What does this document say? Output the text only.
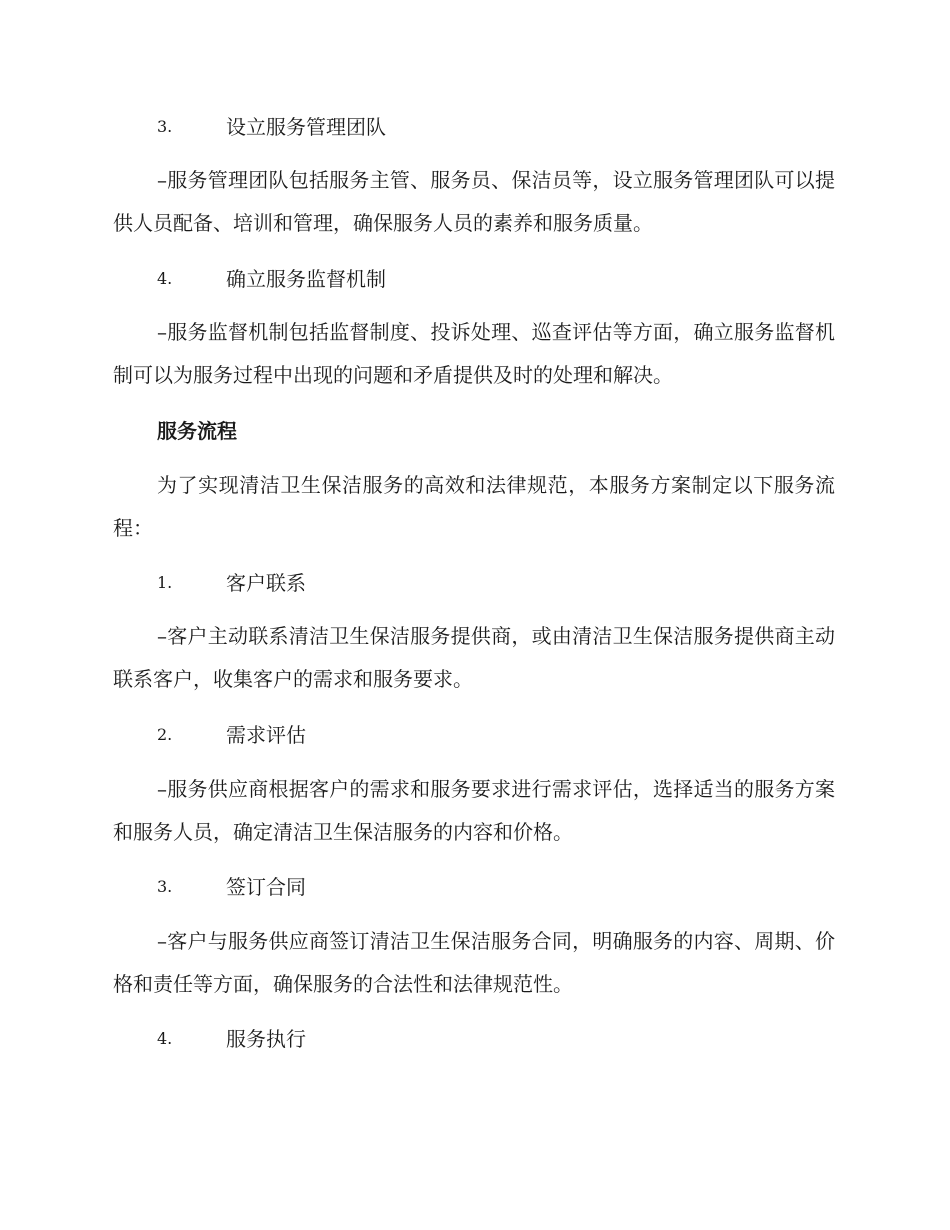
3.	设立服务管理团队
–服务管理团队包括服务主管、服务员、保洁员等，设立服务管理团队可以提供人员配备、培训和管理，确保服务人员的素养和服务质量。
4.	确立服务监督机制
–服务监督机制包括监督制度、投诉处理、巡查评估等方面，确立服务监督机制可以为服务过程中出现的问题和矛盾提供及时的处理和解决。
服务流程
为了实现清洁卫生保洁服务的高效和法律规范，本服务方案制定以下服务流程：
1.	客户联系
–客户主动联系清洁卫生保洁服务提供商，或由清洁卫生保洁服务提供商主动联系客户，收集客户的需求和服务要求。
2.	需求评估
–服务供应商根据客户的需求和服务要求进行需求评估，选择适当的服务方案和服务人员，确定清洁卫生保洁服务的内容和价格。
3.	签订合同
–客户与服务供应商签订清洁卫生保洁服务合同，明确服务的内容、周期、价格和责任等方面，确保服务的合法性和法律规范性。
4.	服务执行
